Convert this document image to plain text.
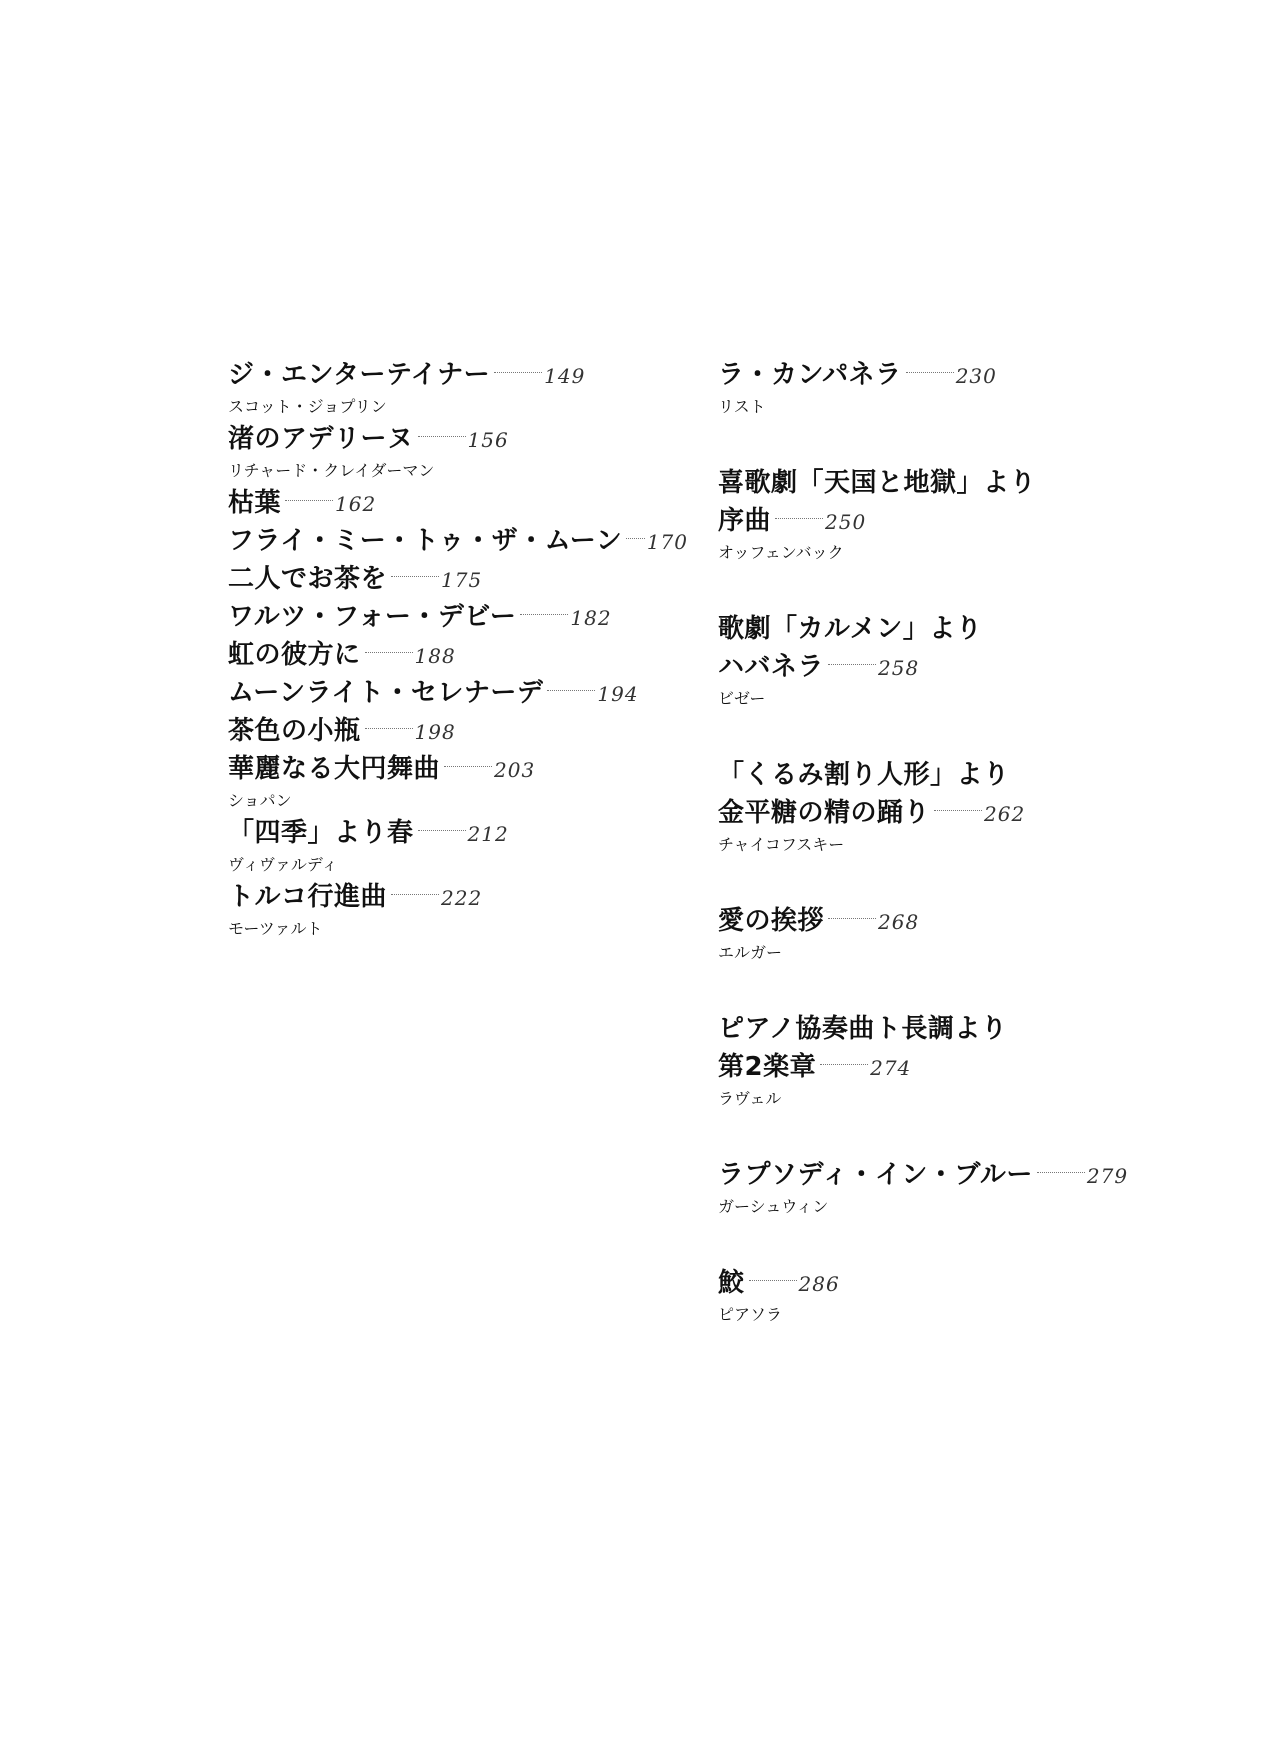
ジ・エンターテイナー	149
スコット・ジョプリン
渚のアデリーヌ	156
リチャード・クレイダーマン
枯葉	162
フライ・ミー・トゥ・ザ・ムーン 170
二人でお茶を	175
ワルツ・フォー・デビー	182
虹の彼方に	188
ムーンライト・セレナーデ	194
茶色の小瓶	198
華麗なる大円舞曲	203
ショパン
「四季」より春	212
ヴィヴァルディ
トルコ行進曲	222
モーツァルト
ラ・カンパネラ	230
リスト
喜歌劇「天国と地獄」より
序曲	250
オッフェンバック
歌劇「カルメン」より
ハバネラ	258
ビゼー
「くるみ割り人形」より
金平糖の精の踊り	262
チャイコフスキー
愛の挨拶	268
エルガー
ピアノ協奏曲ト長調より
第2楽章	274
ラヴェル
ラプソディ・イン・ブルー	279
ガーシュウィン
鮫	286
ピアソラ
